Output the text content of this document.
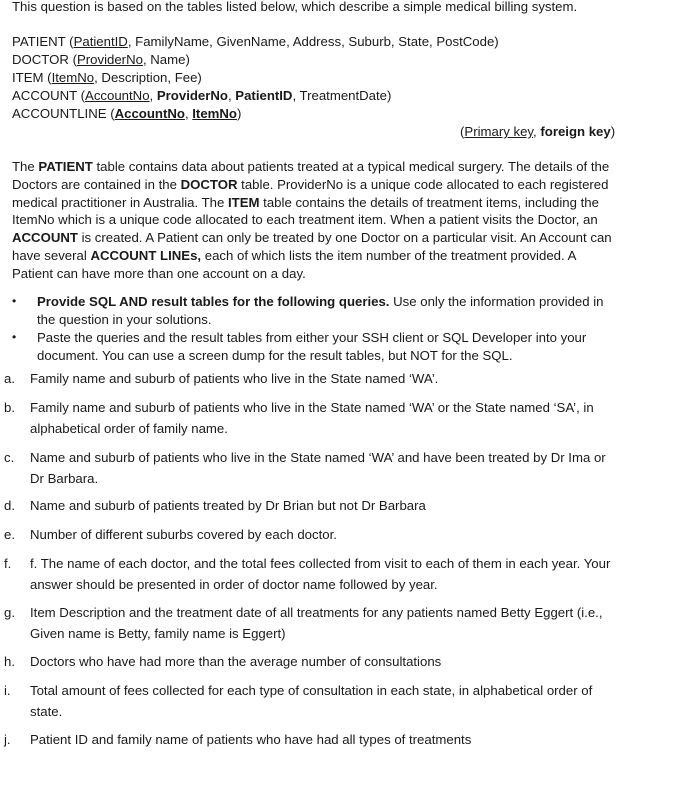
This question is based on the tables listed below, which describe a simple medical billing system.
PATIENT (PatientID, FamilyName, GivenName, Address, Suburb, State, PostCode)
DOCTOR (ProviderNo, Name)
ITEM (ItemNo, Description, Fee)
ACCOUNT (AccountNo, ProviderNo, PatientID, TreatmentDate)
ACCOUNTLINE (AccountNo, ItemNo)
(Primary key, foreign key)
The PATIENT table contains data about patients treated at a typical medical surgery. The details of the Doctors are contained in the DOCTOR table. ProviderNo is a unique code allocated to each registered medical practitioner in Australia. The ITEM table contains the details of treatment items, including the ItemNo which is a unique code allocated to each treatment item. When a patient visits the Doctor, an ACCOUNT is created. A Patient can only be treated by one Doctor on a particular visit. An Account can have several ACCOUNT LINEs, each of which lists the item number of the treatment provided. A Patient can have more than one account on a day.
• Provide SQL AND result tables for the following queries. Use only the information provided in the question in your solutions.
• Paste the queries and the result tables from either your SSH client or SQL Developer into your document. You can use a screen dump for the result tables, but NOT for the SQL.
a. Family name and suburb of patients who live in the State named ‘WA’.
b. Family name and suburb of patients who live in the State named ‘WA’ or the State named ‘SA’, in alphabetical order of family name.
c. Name and suburb of patients who live in the State named ‘WA’ and have been treated by Dr Ima or Dr Barbara.
d. Name and suburb of patients treated by Dr Brian but not Dr Barbara
e. Number of different suburbs covered by each doctor.
f. f. The name of each doctor, and the total fees collected from visit to each of them in each year. Your answer should be presented in order of doctor name followed by year.
g. Item Description and the treatment date of all treatments for any patients named Betty Eggert (i.e., Given name is Betty, family name is Eggert)
h. Doctors who have had more than the average number of consultations
i. Total amount of fees collected for each type of consultation in each state, in alphabetical order of state.
j. Patient ID and family name of patients who have had all types of treatments
